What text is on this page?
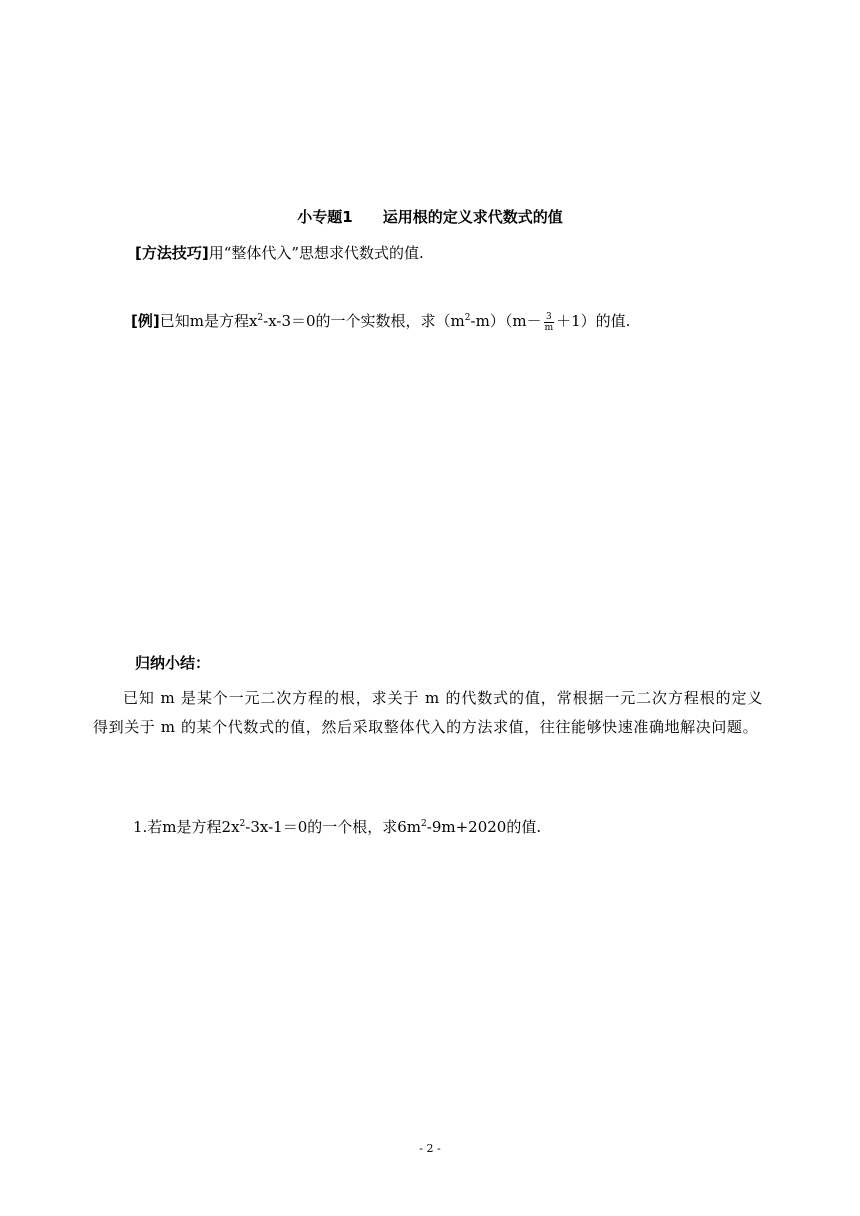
小专题1 运用根的定义求代数式的值
[方法技巧]用“整体代入”思想求代数式的值.
[例]已知m是方程$x^2-x-3=0$的一个实数根，求$(m^2-m)(m- \frac{3}{m} +1)$的值.
归纳小结：
已知 m 是某个一元二次方程的根，求关于 m 的代数式的值，常根据一元二次方程根的定义得到关于 m 的某个代数式的值，然后采取整体代入的方法求值，往往能够快速准确地解决问题。
1.若m是方程$2x^2-3x-1=0$的一个根，求$6m^2-9m+2020$的值.
- 2 -
